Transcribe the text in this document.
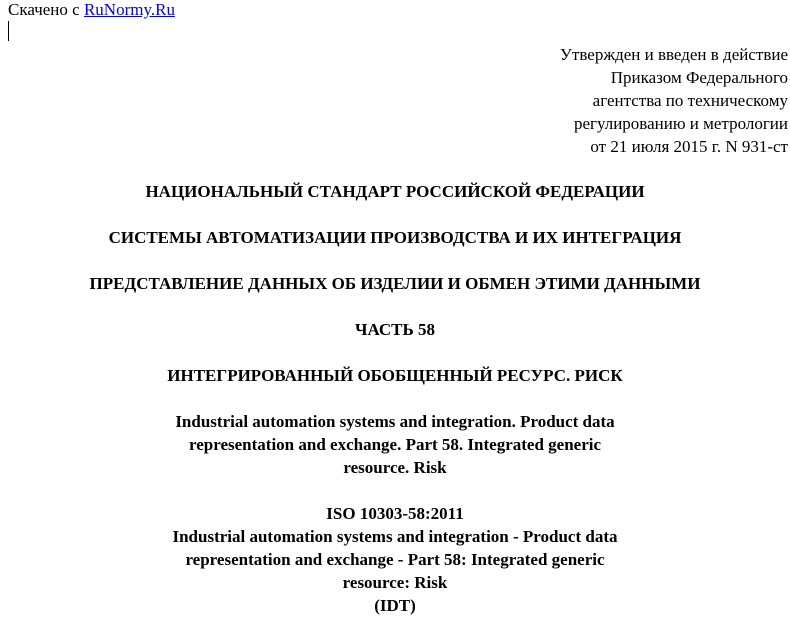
Скачено с RuNormy.Ru
Утвержден и введен в действие
Приказом Федерального
агентства по техническому
регулированию и метрологии
от 21 июля 2015 г. N 931-ст
НАЦИОНАЛЬНЫЙ СТАНДАРТ РОССИЙСКОЙ ФЕДЕРАЦИИ
СИСТЕМЫ АВТОМАТИЗАЦИИ ПРОИЗВОДСТВА И ИХ ИНТЕГРАЦИЯ
ПРЕДСТАВЛЕНИЕ ДАННЫХ ОБ ИЗДЕЛИИ И ОБМЕН ЭТИМИ ДАННЫМИ
ЧАСТЬ 58
ИНТЕГРИРОВАННЫЙ ОБОБЩЕННЫЙ РЕСУРС. РИСК
Industrial automation systems and integration. Product data
representation and exchange. Part 58. Integrated generic
resource. Risk
ISO 10303-58:2011
Industrial automation systems and integration - Product data
representation and exchange - Part 58: Integrated generic
resource: Risk
(IDT)
